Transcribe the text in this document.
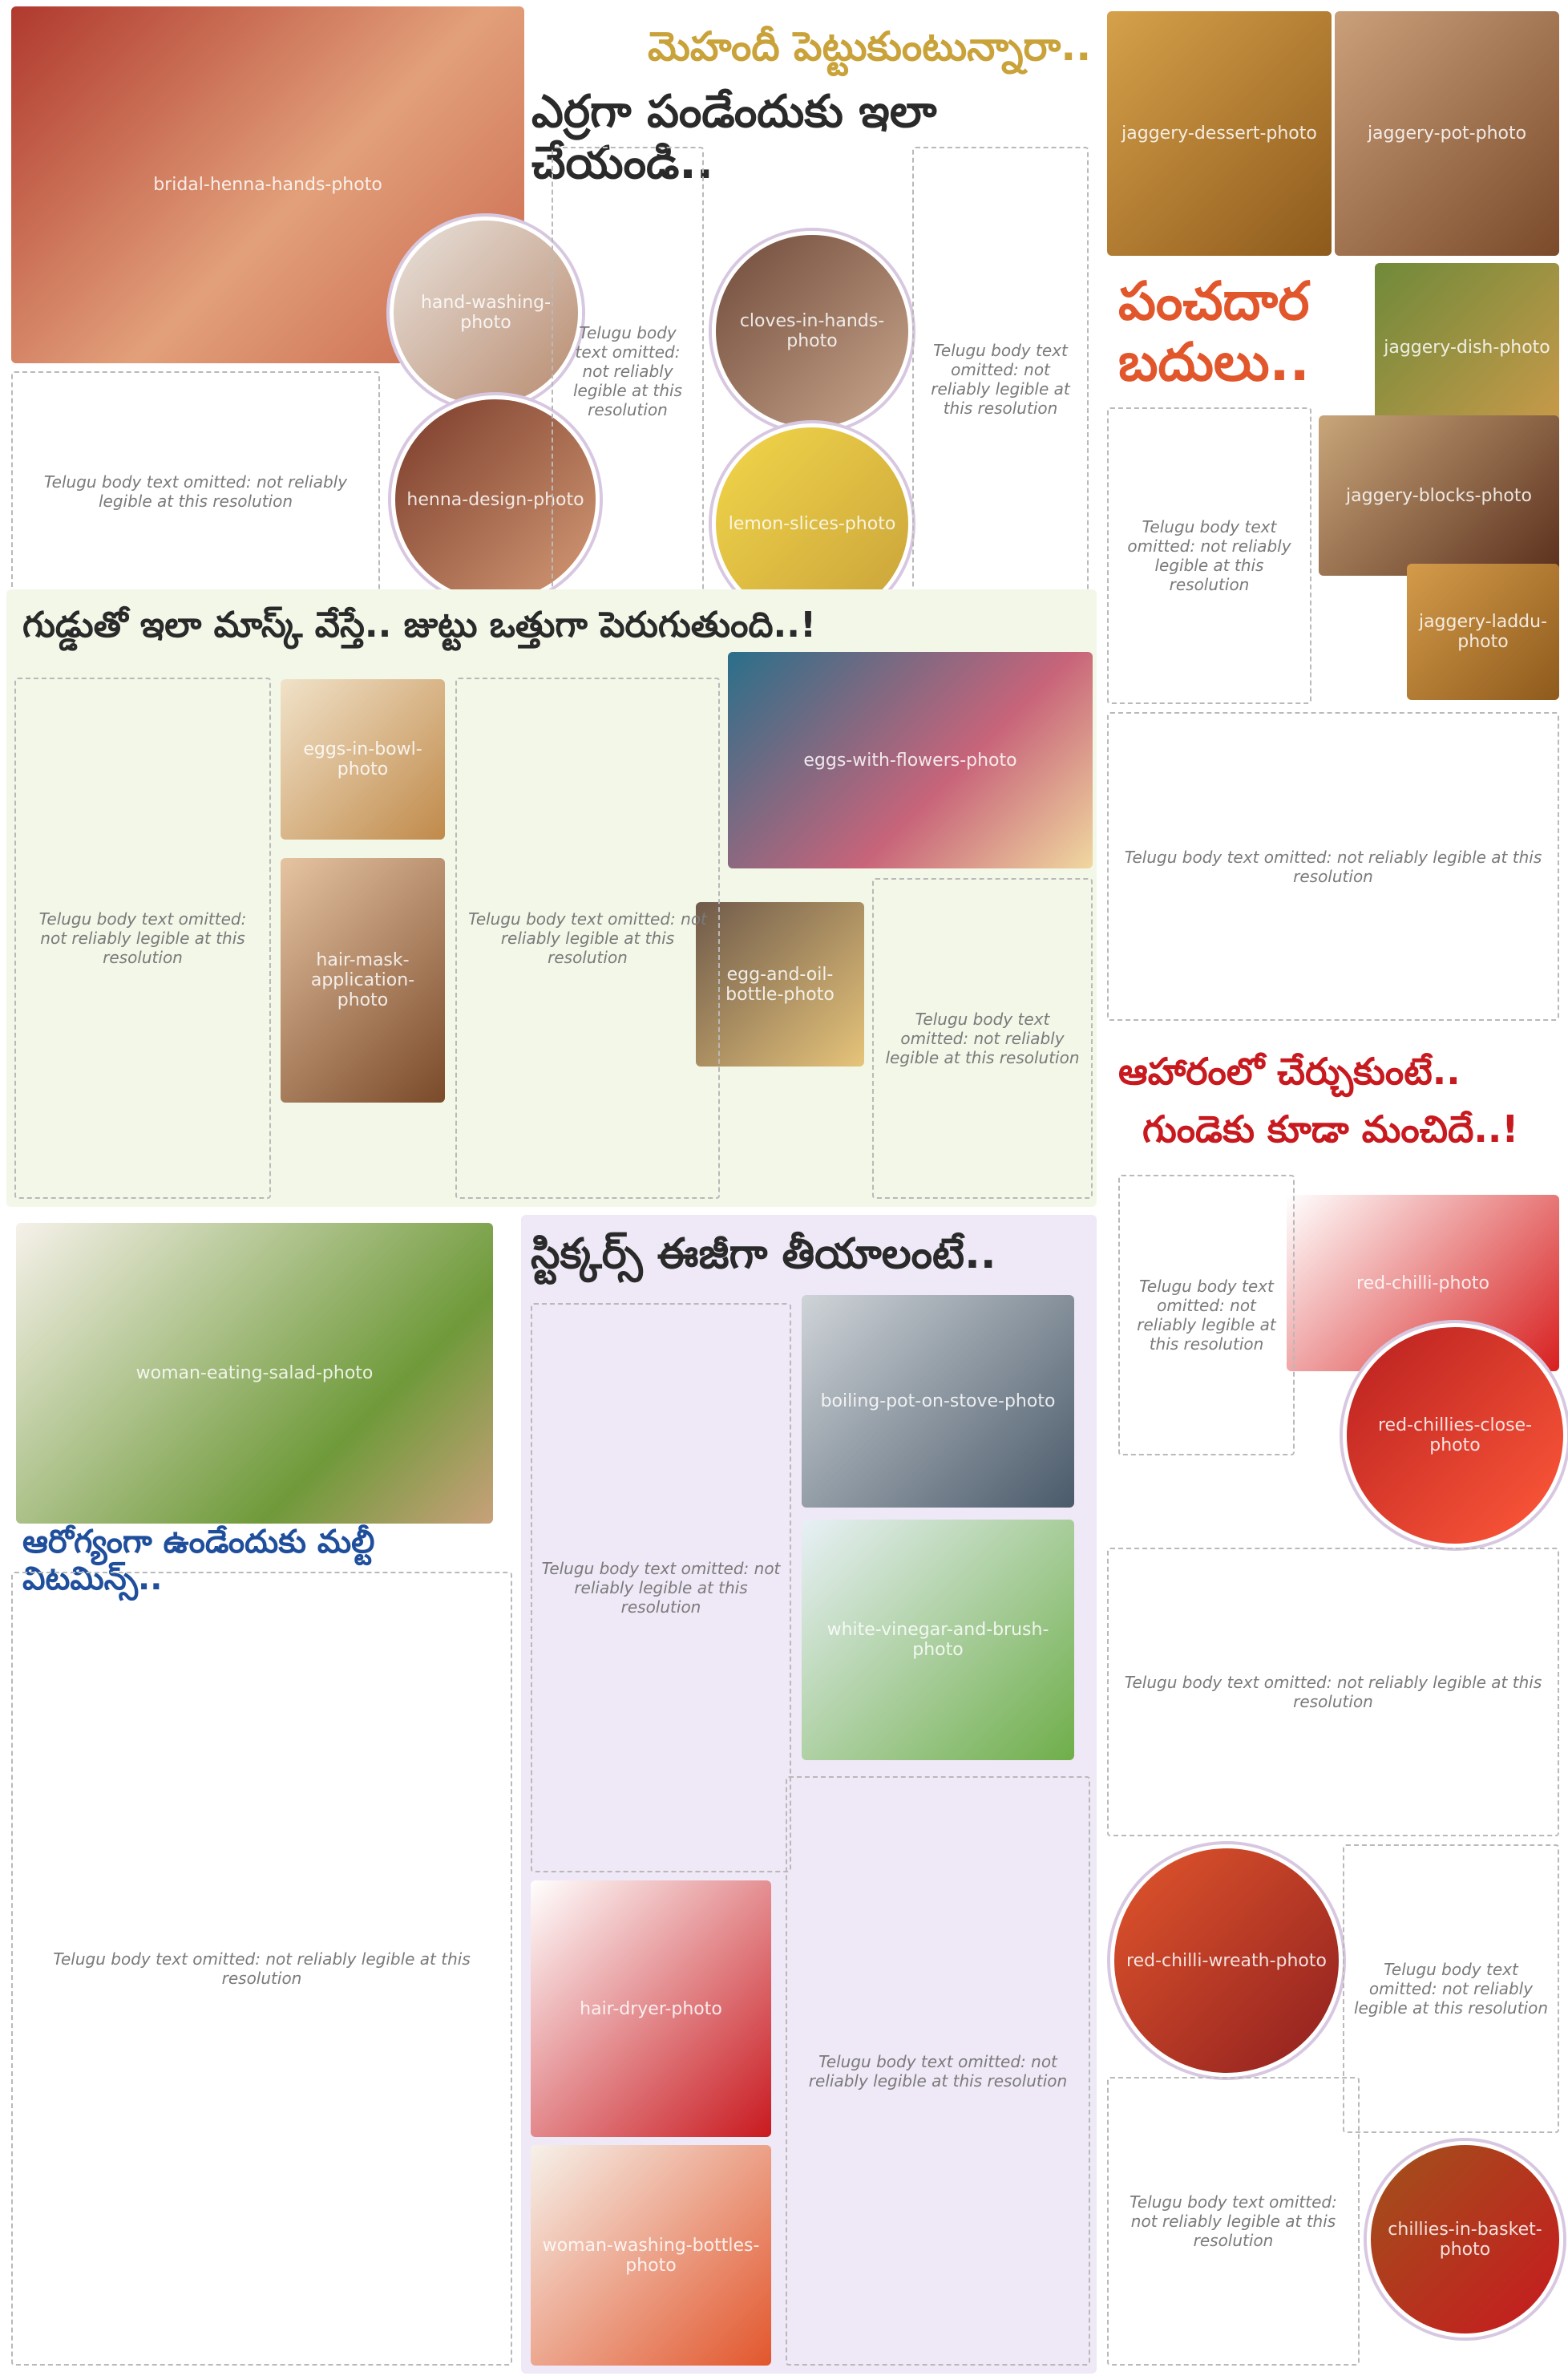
bridal-henna-hands-photo
మెహందీ పెట్టుకుంటున్నారా..
ఎర్రగా పండేందుకు ఇలా చేయండి..
hand-washing-photo	cloves-in-hands-photo
henna-design-photo
lemon-slices-photo
Telugu body text omitted: not reliably legible at this resolution
Telugu body text omitted: not reliably legible at this resolution
Telugu body text omitted: not reliably legible at this resolution
jaggery-dessert-photo	jaggery-pot-photo
పంచదార బదులు..	jaggery-dish-photo
jaggery-blocks-photo
jaggery-laddu-photo
Telugu body text omitted: not reliably legible at this resolution
Telugu body text omitted: not reliably legible at this resolution
గుడ్డుతో ఇలా మాస్క్ వేస్తే.. జుట్టు ఒత్తుగా పెరుగుతుంది..!
eggs-in-bowl-photo
hair-mask-application-photo
eggs-with-flowers-photo
egg-and-oil-bottle-photo
Telugu body text omitted: not reliably legible at this resolution
Telugu body text omitted: not reliably legible at this resolution
Telugu body text omitted: not reliably legible at this resolution ఆహారంలో చేర్చుకుంటే..
గుండెకు కూడా మంచిదే..!
red-chilli-photo
red-chillies-close-photo
red-chilli-wreath-photo
chillies-in-basket-photo
Telugu body text omitted: not reliably legible at this resolution
Telugu body text omitted: not reliably legible at this resolution
Telugu body text omitted: not reliably legible at this resolution
Telugu body text omitted: not reliably legible at this resolution
woman-eating-salad-photo
ఆరోగ్యంగా ఉండేందుకు మల్టీ విటమిన్స్..
Telugu body text omitted: not reliably legible at this resolution
స్టిక్కర్స్ ఈజీగా తీయాలంటే..
boiling-pot-on-stove-photo
white-vinegar-and-brush-photo
hair-dryer-photo
woman-washing-bottles-photo
Telugu body text omitted: not reliably legible at this resolution
Telugu body text omitted: not reliably legible at this resolution
